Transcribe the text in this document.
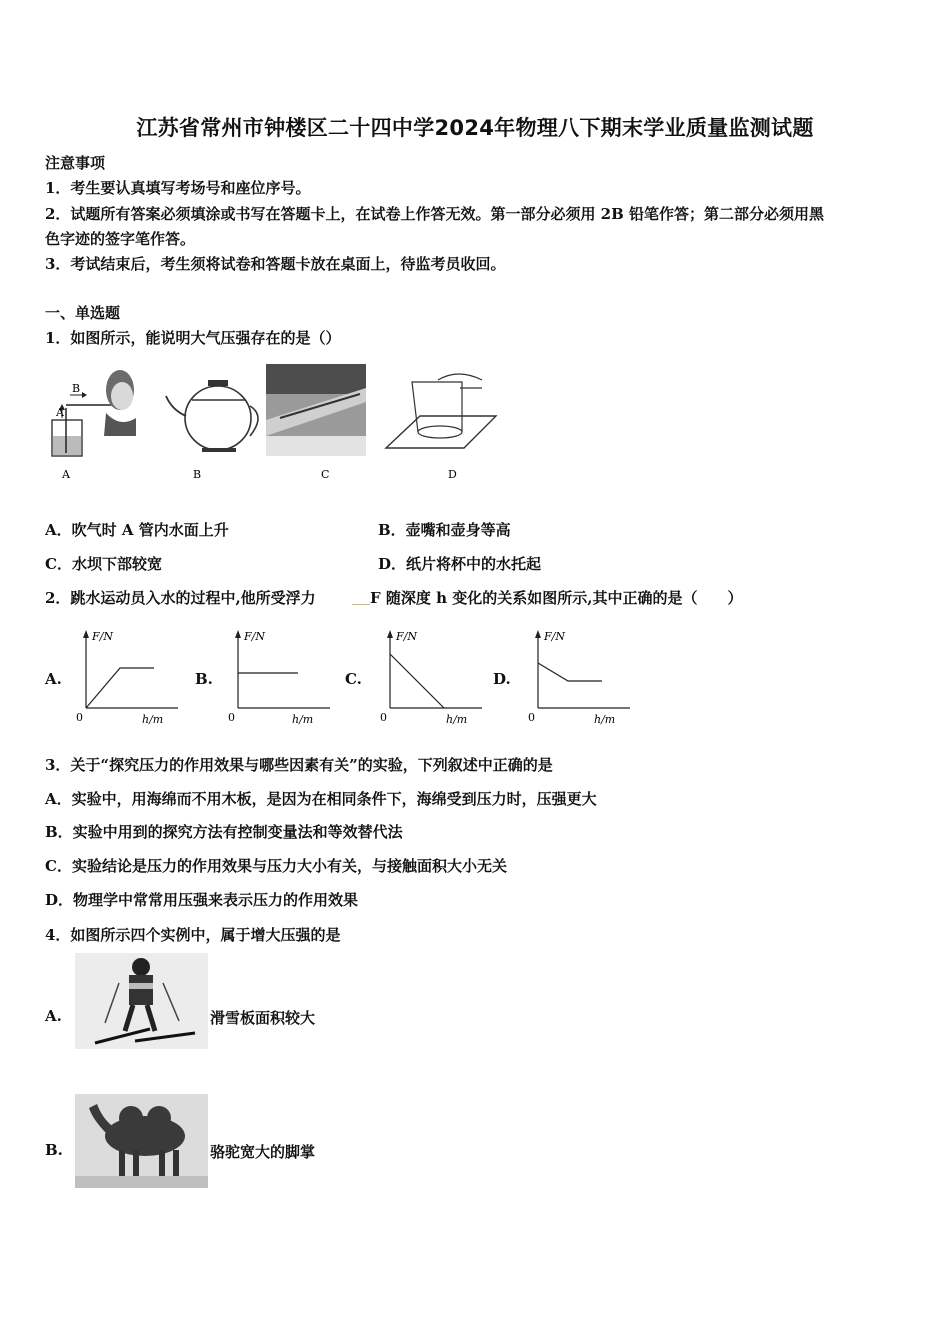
江苏省常州市钟楼区二十四中学2024年物理八下期末学业质量监测试题
注意事项
1．考生要认真填写考场号和座位序号。
2．试题所有答案必须填涂或书写在答题卡上，在试卷上作答无效。第一部分必须用 2B 铅笔作答；第二部分必须用黑
色字迹的签字笔作答。
3．考试结束后，考生须将试卷和答题卡放在桌面上，待监考员收回。
一、单选题
1．如图所示，能说明大气压强存在的是（）
B
A
A	B	C	D
A．吹气时 A 管内水面上升	B．壶嘴和壶身等高
C．水坝下部较宽	D．纸片将杯中的水托起
2．跳水运动员入水的过程中,他所受浮力	F 随深度 h 变化的关系如图所示,其中正确的是（　　）
A.
F/N
0	h/m
B.
F/N
0	h/m
C.
F/N
0	h/m
D.
F/N
0	h/m
3．关于“探究压力的作用效果与哪些因素有关”的实验，下列叙述中正确的是
A．实验中，用海绵而不用木板，是因为在相同条件下，海绵受到压力时，压强更大
B．实验中用到的探究方法有控制变量法和等效替代法
C．实验结论是压力的作用效果与压力大小有关，与接触面积大小无关
D．物理学中常常用压强来表示压力的作用效果
4．如图所示四个实例中，属于增大压强的是
A.	滑雪板面积较大
B.	骆驼宽大的脚掌
